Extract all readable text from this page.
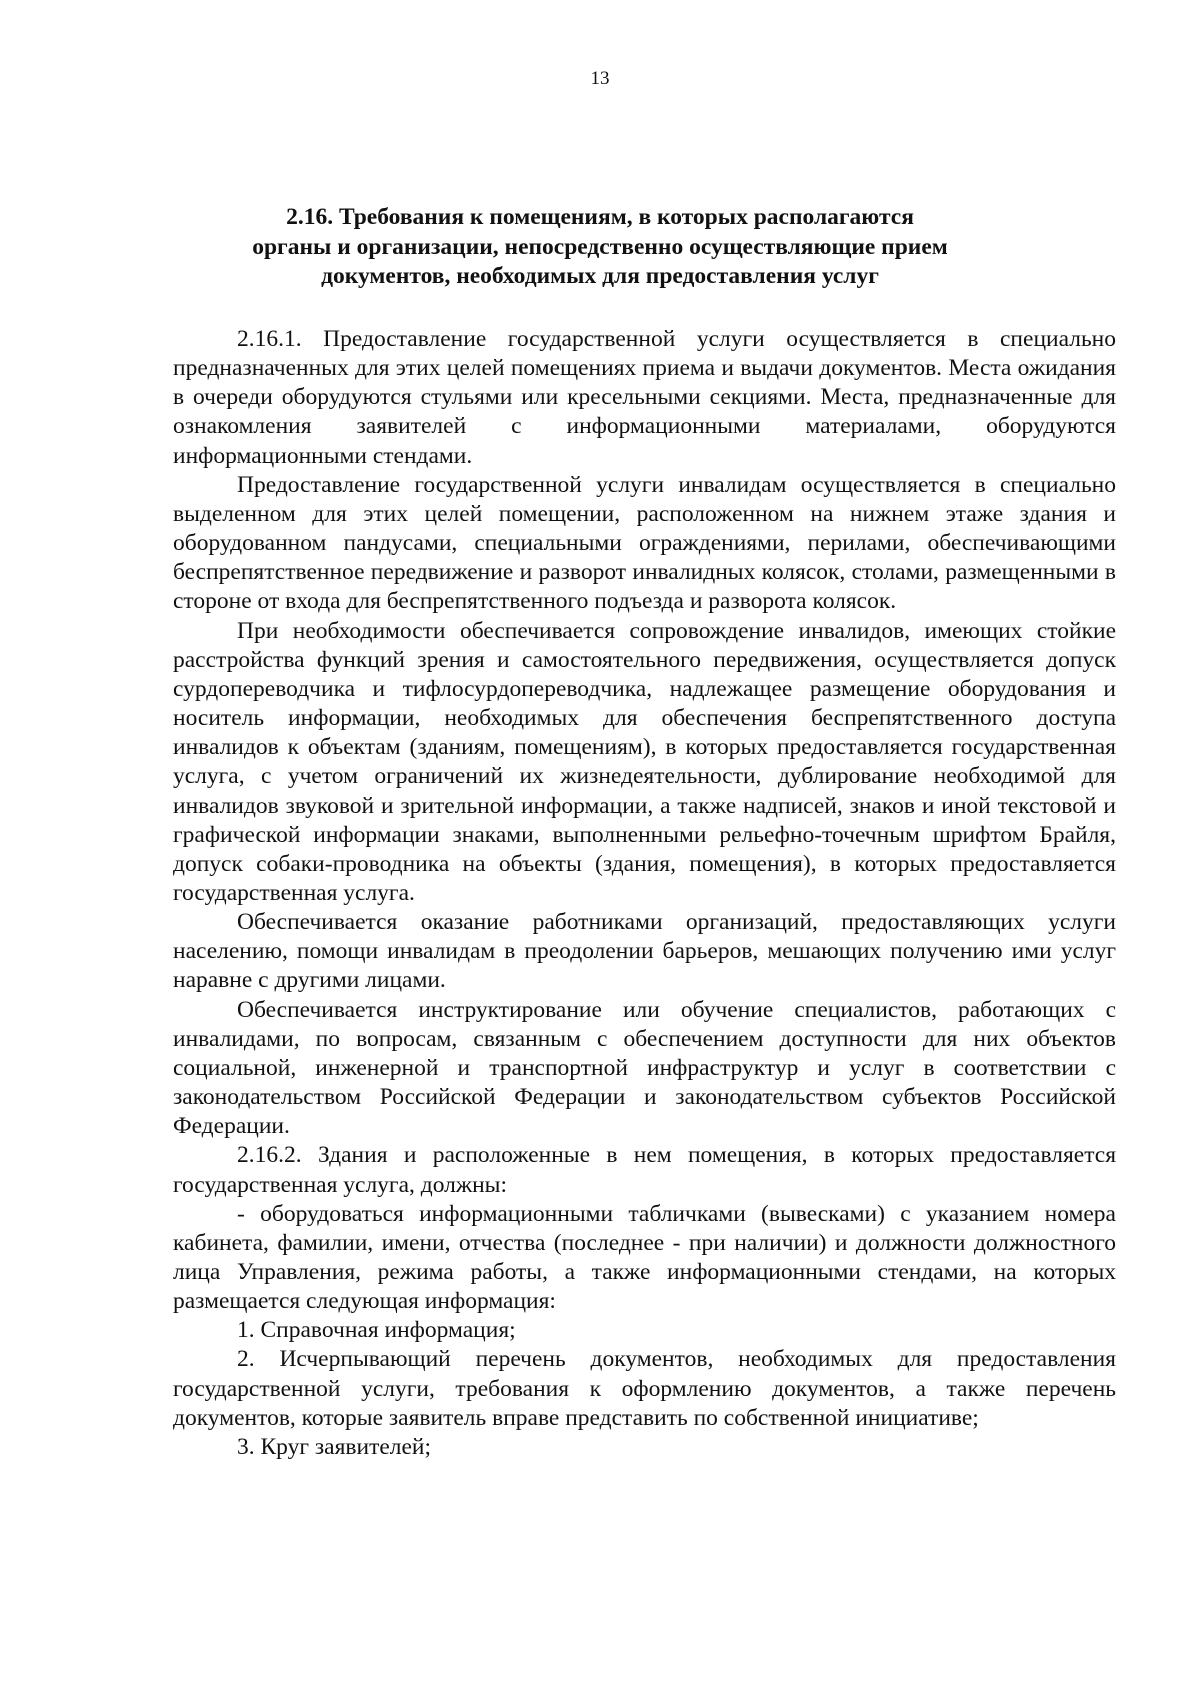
13
2.16. Требования к помещениям, в которых располагаются
органы и организации, непосредственно осуществляющие прием
документов, необходимых для предоставления услуг

2.16.1. Предоставление государственной услуги осуществляется в специально предназначенных для этих целей помещениях приема и выдачи документов. Места ожидания в очереди оборудуются стульями или кресельными секциями. Места, предназначенные для ознакомления заявителей с информационными материалами, оборудуются информационными стендами.

Предоставление государственной услуги инвалидам осуществляется в специально выделенном для этих целей помещении, расположенном на нижнем этаже здания и оборудованном пандусами, специальными ограждениями, перилами, обеспечивающими беспрепятственное передвижение и разворот инвалидных колясок, столами, размещенными в стороне от входа для беспрепятственного подъезда и разворота колясок.

При необходимости обеспечивается сопровождение инвалидов, имеющих стойкие расстройства функций зрения и самостоятельного передвижения, осуществляется допуск сурдопереводчика и тифлосурдопереводчика, надлежащее размещение оборудования и носитель информации, необходимых для обеспечения беспрепятственного доступа инвалидов к объектам (зданиям, помещениям), в которых предоставляется государственная услуга, с учетом ограничений их жизнедеятельности, дублирование необходимой для инвалидов звуковой и зрительной информации, а также надписей, знаков и иной текстовой и графической информации знаками, выполненными рельефно-точечным шрифтом Брайля, допуск собаки-проводника на объекты (здания, помещения), в которых предоставляется государственная услуга.

Обеспечивается оказание работниками организаций, предоставляющих услуги населению, помощи инвалидам в преодолении барьеров, мешающих получению ими услуг наравне с другими лицами.

Обеспечивается инструктирование или обучение специалистов, работающих с инвалидами, по вопросам, связанным с обеспечением доступности для них объектов социальной, инженерной и транспортной инфраструктур и услуг в соответствии с законодательством Российской Федерации и законодательством субъектов Российской Федерации.

2.16.2. Здания и расположенные в нем помещения, в которых предоставляется государственная услуга, должны:

- оборудоваться информационными табличками (вывесками) с указанием номера кабинета, фамилии, имени, отчества (последнее - при наличии) и должности должностного лица Управления, режима работы, а также информационными стендами, на которых размещается следующая информация:

1. Справочная информация;

2. Исчерпывающий перечень документов, необходимых для предоставления государственной услуги, требования к оформлению документов, а также перечень документов, которые заявитель вправе представить по собственной инициативе;

3. Круг заявителей;
